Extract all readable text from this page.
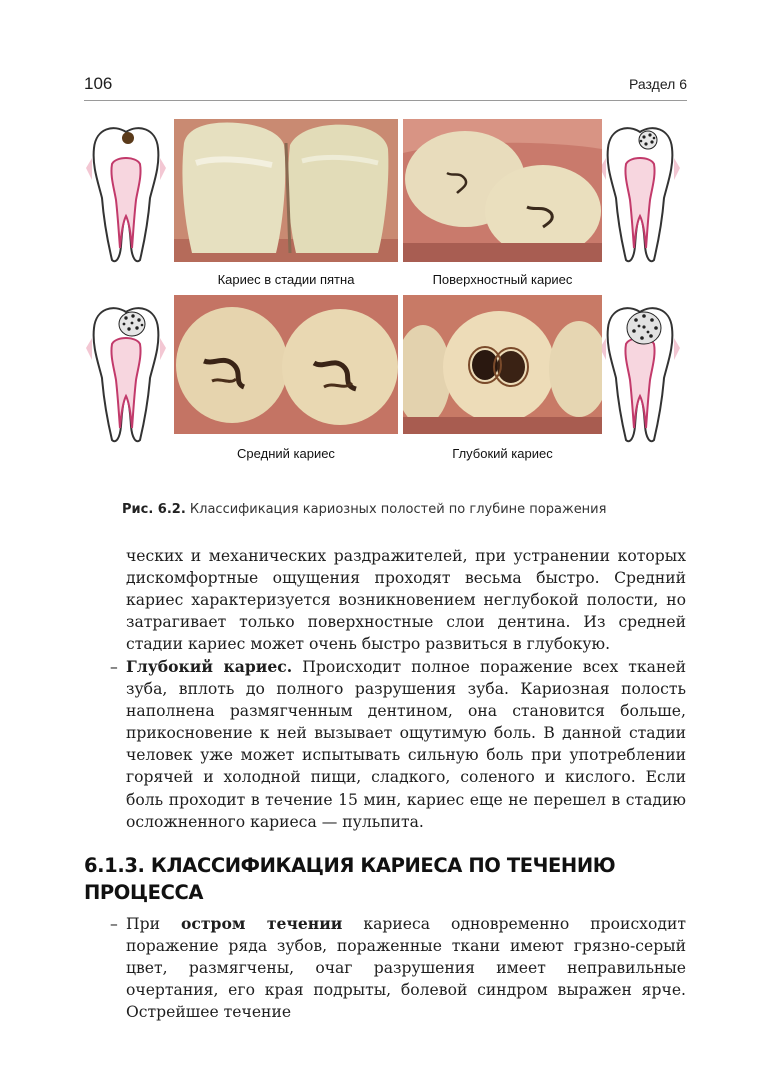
106	Раздел 6
Кариес в стадии пятна	Поверхностный кариес
Средний кариес	Глубокий кариес
Рис. 6.2. Классификация кариозных полостей по глубине поражения

ческих и механических раздражителей, при устранении которых дискомфортные ощущения проходят весьма быстро. Средний кариес характеризуется возникновением неглубокой полости, но затрагивает только поверхностные слои дентина. Из средней стадии кариес может очень быстро развиться в глубокую.

– Глубокий кариес. Происходит полное поражение всех тканей зуба, вплоть до полного разрушения зуба. Кариозная полость наполнена размягченным дентином, она становится больше, прикосновение к ней вызывает ощутимую боль. В данной стадии человек уже может испытывать сильную боль при употреблении горячей и холодной пищи, сладкого, соленого и кислого. Если боль проходит в течение 15 мин, кариес еще не перешел в стадию осложненного кариеса — пульпита.

6.1.3. КЛАССИФИКАЦИЯ КАРИЕСА ПО ТЕЧЕНИЮ ПРОЦЕССА
– При остром течении кариеса одновременно происходит поражение ряда зубов, пораженные ткани имеют грязно-серый цвет, размягчены, очаг разрушения имеет неправильные очертания, его края подрыты, болевой синдром выражен ярче. Острейшее течение
